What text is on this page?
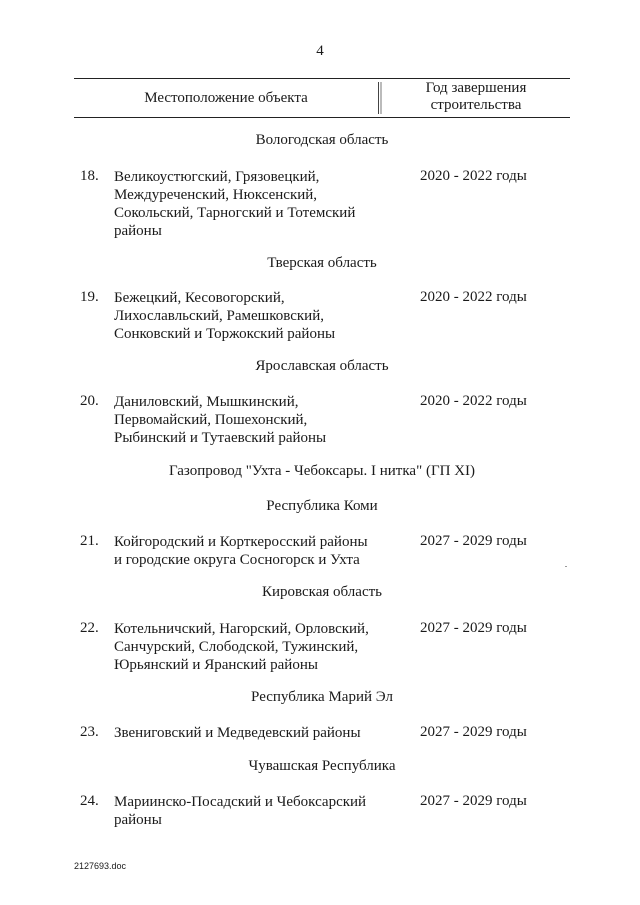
4
Местоположение объекта
Год завершения
строительства
Вологодская область
18. Великоустюгский, Грязовецкий,
Междуреченский, Нюксенский,
Сокольский, Тарногский и Тотемский
районы
2020 - 2022 годы
Тверская область
19. Бежецкий, Кесовогорский,
Лихославльский, Рамешковский,
Сонковский и Торжокский районы
2020 - 2022 годы
Ярославская область
20. Даниловский, Мышкинский,
Первомайский, Пошехонский,
Рыбинский и Тутаевский районы
2020 - 2022 годы
Газопровод "Ухта - Чебоксары. I нитка" (ГП XI)
Республика Коми
21. Койгородский и Корткеросский районы
и городские округа Сосногорск и Ухта
2027 - 2029 годы
Кировская область
22. Котельничский, Нагорский, Орловский,
Санчурский, Слободской, Тужинский,
Юрьянский и Яранский районы
2027 - 2029 годы
Республика Марий Эл
23. Звениговский и Медведевский районы	2027 - 2029 годы
Чувашская Республика
24. Мариинско-Посадский и Чебоксарский
районы
2027 - 2029 годы
2127693.doc
